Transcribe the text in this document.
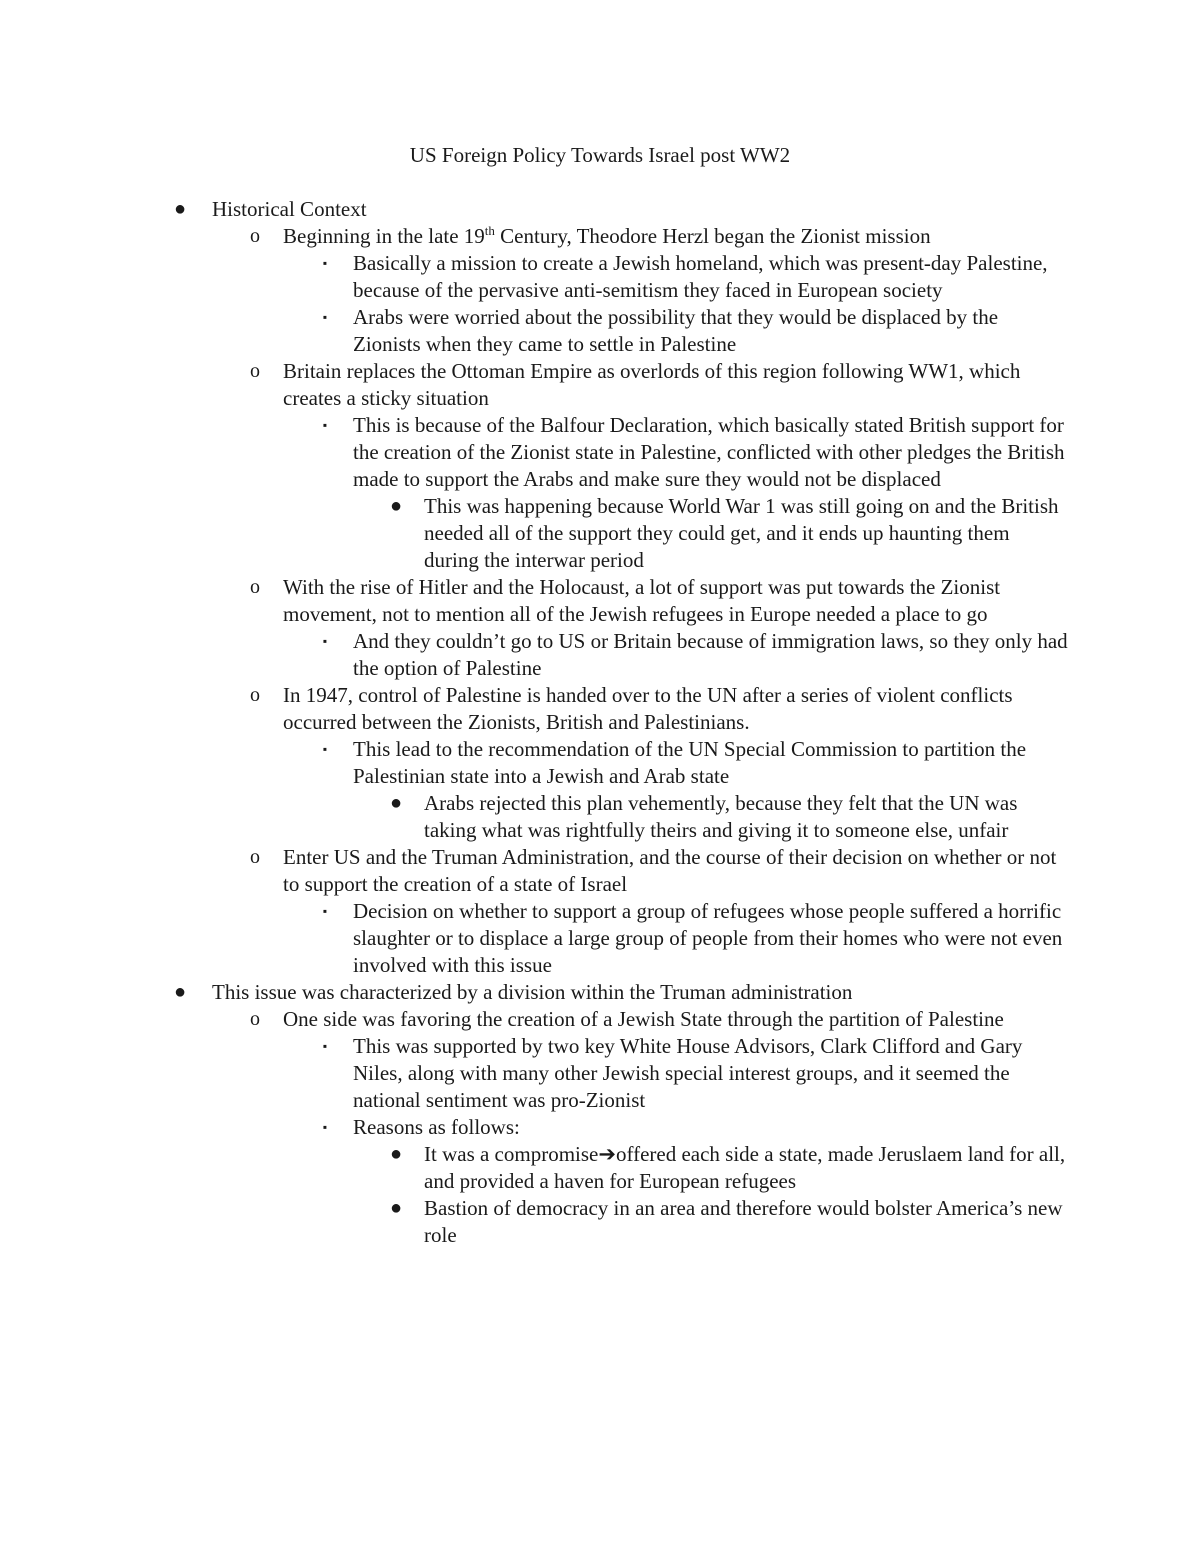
US Foreign Policy Towards Israel post WW2
● Historical Context
o Beginning in the late 19th Century, Theodore Herzl began the Zionist mission
▪	Basically a mission to create a Jewish homeland, which was present-day Palestine, because of the pervasive anti-semitism they faced in European society
▪	Arabs were worried about the possibility that they would be displaced by the Zionists when they came to settle in Palestine
o Britain replaces the Ottoman Empire as overlords of this region following WW1, which creates a sticky situation
▪	This is because of the Balfour Declaration, which basically stated British support for the creation of the Zionist state in Palestine, conflicted with other pledges the British made to support the Arabs and make sure they would not be displaced
● This was happening because World War 1 was still going on and the British needed all of the support they could get, and it ends up haunting them during the interwar period
o With the rise of Hitler and the Holocaust, a lot of support was put towards the Zionist movement, not to mention all of the Jewish refugees in Europe needed a place to go
▪	And they couldn’t go to US or Britain because of immigration laws, so they only had the option of Palestine
o In 1947, control of Palestine is handed over to the UN after a series of violent conflicts occurred between the Zionists, British and Palestinians.
▪	This lead to the recommendation of the UN Special Commission to partition the Palestinian state into a Jewish and Arab state
● Arabs rejected this plan vehemently, because they felt that the UN was taking what was rightfully theirs and giving it to someone else, unfair
o Enter US and the Truman Administration, and the course of their decision on whether or not to support the creation of a state of Israel
▪	Decision on whether to support a group of refugees whose people suffered a horrific slaughter or to displace a large group of people from their homes who were not even involved with this issue
● This issue was characterized by a division within the Truman administration
o One side was favoring the creation of a Jewish State through the partition of Palestine
▪	This was supported by two key White House Advisors, Clark Clifford and Gary Niles, along with many other Jewish special interest groups, and it seemed the national sentiment was pro-Zionist
▪	Reasons as follows:
● It was a compromise➔offered each side a state, made Jeruslaem land for all, and provided a haven for European refugees
● Bastion of democracy in an area and therefore would bolster America’s new role
